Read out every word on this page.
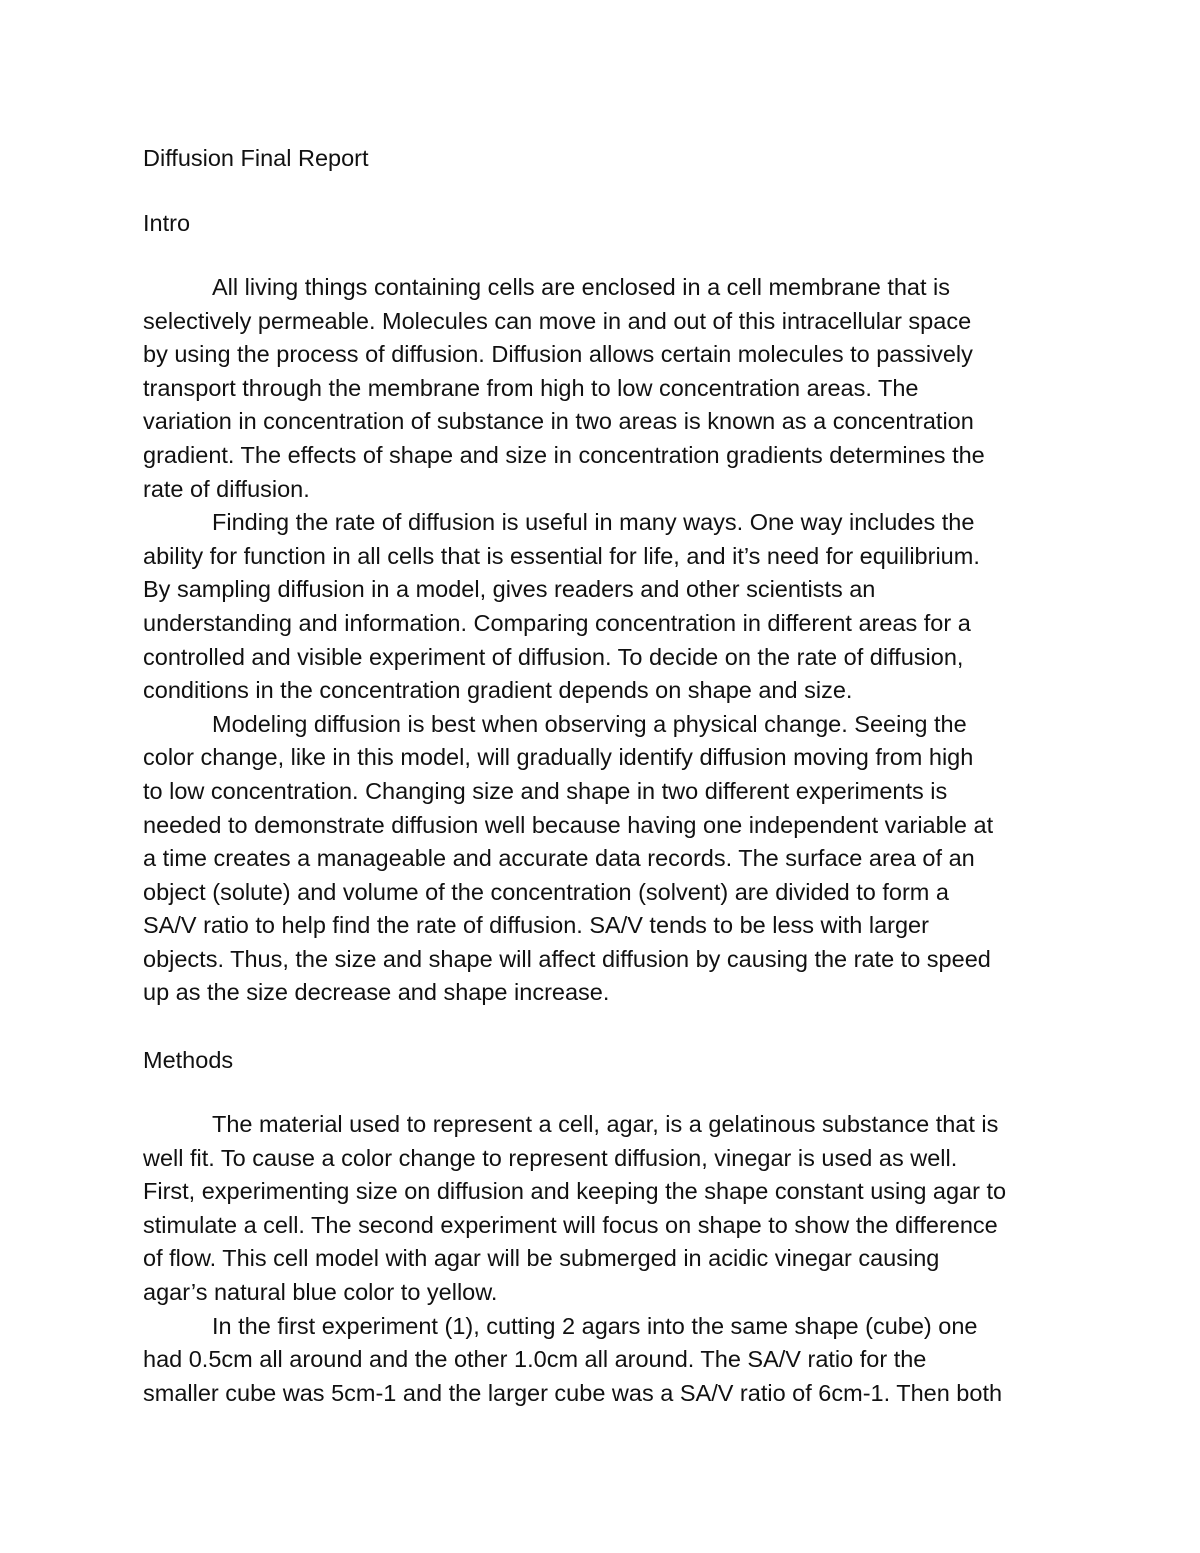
Diffusion Final Report
Intro

All living things containing cells are enclosed in a cell membrane that is

selectively permeable. Molecules can move in and out of this intracellular space

by using the process of diffusion. Diffusion allows certain molecules to passively

transport through the membrane from high to low concentration areas. The

variation in concentration of substance in two areas is known as a concentration

gradient. The effects of shape and size in concentration gradients determines the

rate of diffusion.

Finding the rate of diffusion is useful in many ways. One way includes the

ability for function in all cells that is essential for life, and it’s need for equilibrium.

By sampling diffusion in a model, gives readers and other scientists an

understanding and information. Comparing concentration in different areas for a

controlled and visible experiment of diffusion. To decide on the rate of diffusion,

conditions in the concentration gradient depends on shape and size.

Modeling diffusion is best when observing a physical change. Seeing the

color change, like in this model, will gradually identify diffusion moving from high

to low concentration. Changing size and shape in two different experiments is

needed to demonstrate diffusion well because having one independent variable at

a time creates a manageable and accurate data records. The surface area of an

object (solute) and volume of the concentration (solvent) are divided to form a

SA/V ratio to help find the rate of diffusion. SA/V tends to be less with larger

objects. Thus, the size and shape will affect diffusion by causing the rate to speed

up as the size decrease and shape increase.

Methods

The material used to represent a cell, agar, is a gelatinous substance that is

well fit. To cause a color change to represent diffusion, vinegar is used as well.

First, experimenting size on diffusion and keeping the shape constant using agar to

stimulate a cell. The second experiment will focus on shape to show the difference

of flow. This cell model with agar will be submerged in acidic vinegar causing

agar’s natural blue color to yellow.

In the first experiment (1), cutting 2 agars into the same shape (cube) one

had 0.5cm all around and the other 1.0cm all around. The SA/V ratio for the

smaller cube was 5cm-1 and the larger cube was a SA/V ratio of 6cm-1. Then both
